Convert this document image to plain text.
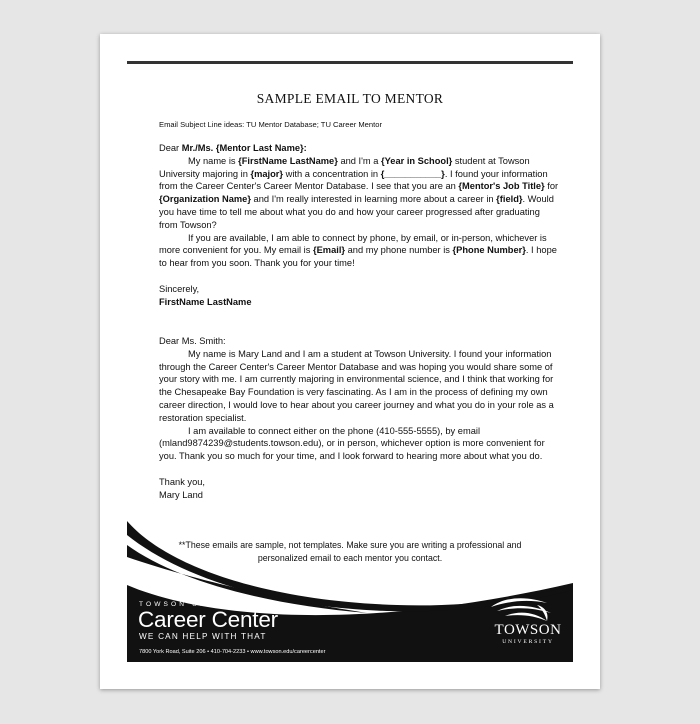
SAMPLE EMAIL TO MENTOR
Email Subject Line ideas: TU Mentor Database; TU Career Mentor

Dear Mr./Ms. {Mentor Last Name}:

My name is {FirstName LastName} and I'm a {Year in School} student at Towson University majoring in {major} with a concentration in {___________}. I found your information from the Career Center's Career Mentor Database. I see that you are an {Mentor's Job Title} for {Organization Name} and I'm really interested in learning more about a career in {field}. Would you have time to tell me about what you do and how your career progressed after graduating from Towson?

If you are available, I am able to connect by phone, by email, or in-person, whichever is more convenient for you. My email is {Email} and my phone number is {Phone Number}. I hope to hear from you soon. Thank you for your time!

Sincerely,

FirstName LastName

Dear Ms. Smith:

My name is Mary Land and I am a student at Towson University. I found your information through the Career Center's Career Mentor Database and was hoping you would share some of your story with me. I am currently majoring in environmental science, and I think that working for the Chesapeake Bay Foundation is very fascinating. As I am in the process of defining my own career direction, I would love to hear about you career journey and what you do in your role as a restoration specialist.

I am available to connect either on the phone (410-555-5555), by email (mland9874239@students.towson.edu), or in person, whichever option is more convenient for you. Thank you so much for your time, and I look forward to hearing more about what you do.

Thank you,

Mary Land

**These emails are sample, not templates. Make sure you are writing a professional and personalized email to each mentor you contact.
TOWSON UNIVERSITY
Career Center
WE CAN HELP WITH THAT
7800 York Road, Suite 206 • 410-704-2233 • www.towson.edu/careercenter
TOWSON
UNIVERSITY
